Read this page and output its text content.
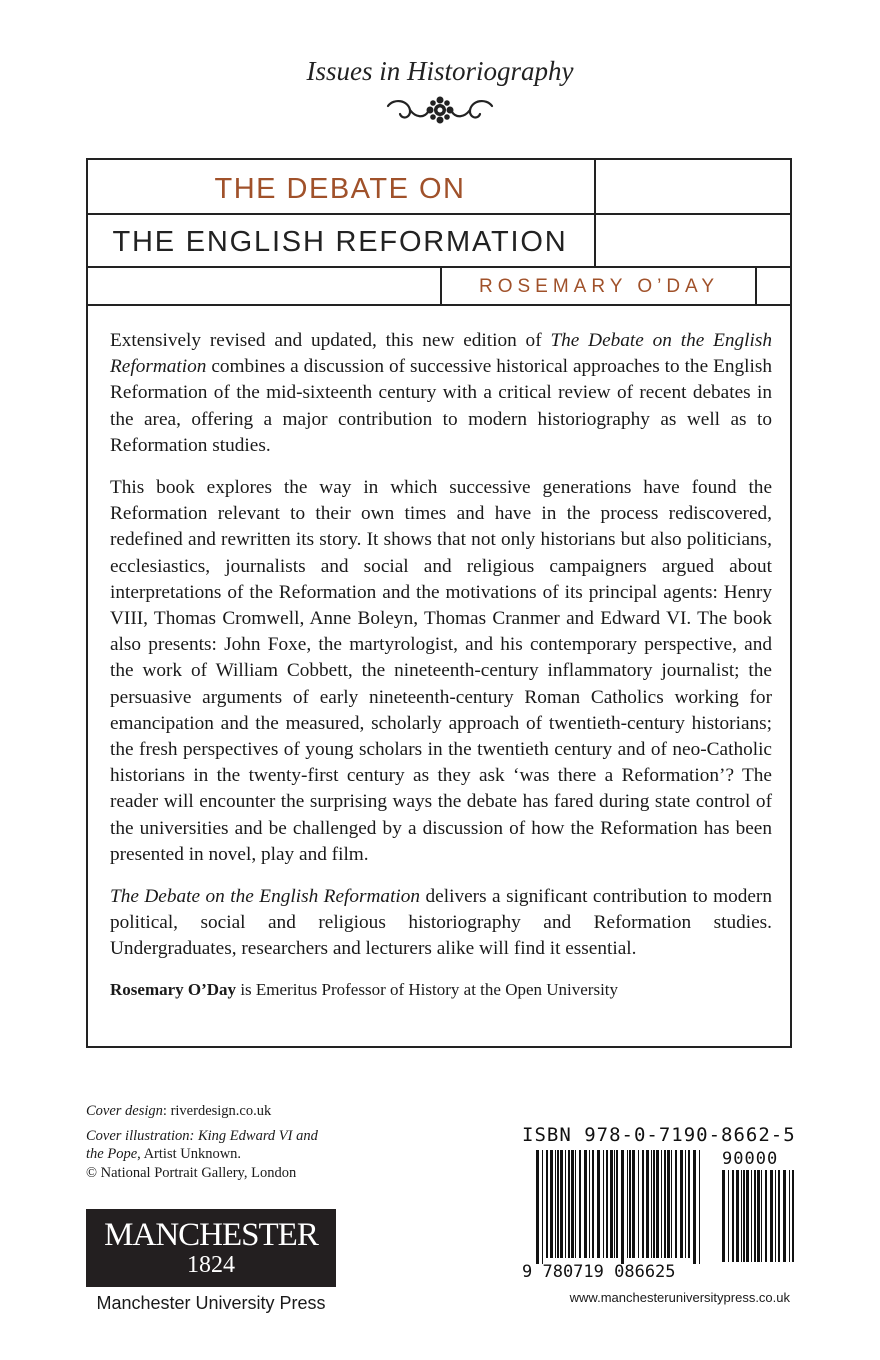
Issues in Historiography
THE DEBATE ON
THE ENGLISH REFORMATION
ROSEMARY O’DAY

Extensively revised and updated, this new edition of The Debate on the English Reformation combines a discussion of successive historical approaches to the English Reformation of the mid-sixteenth century with a critical review of recent debates in the area, offering a major contribution to modern historiography as well as to Reformation studies.

This book explores the way in which successive generations have found the Reformation relevant to their own times and have in the process rediscovered, redefined and rewritten its story. It shows that not only historians but also politicians, ecclesiastics, journalists and social and religious campaigners argued about interpretations of the Reformation and the motivations of its principal agents: Henry VIII, Thomas Cromwell, Anne Boleyn, Thomas Cranmer and Edward VI. The book also presents: John Foxe, the martyrologist, and his contemporary perspective, and the work of William Cobbett, the nineteenth-century inflammatory journalist; the persuasive arguments of early nineteenth-century Roman Catholics working for emancipation and the measured, scholarly approach of twentieth-century historians; the fresh perspectives of young scholars in the twentieth century and of neo-Catholic historians in the twenty-first century as they ask ‘was there a Reformation’? The reader will encounter the surprising ways the debate has fared during state control of the universities and be challenged by a discussion of how the Reformation has been presented in novel, play and film.

The Debate on the English Reformation delivers a significant contribution to modern political, social and religious historiography and Reformation studies. Undergraduates, researchers and lecturers alike will find it essential.

Rosemary O’Day is Emeritus Professor of History at the Open University

Cover design: riverdesign.co.uk

Cover illustration: King Edward VI and the Pope, Artist Unknown.

© National Portrait Gallery, London

MANCHESTER
1824
Manchester University Press
ISBN 978-0-7190-8662-5
90000
9 780719 086625
www.manchesteruniversitypress.co.uk
